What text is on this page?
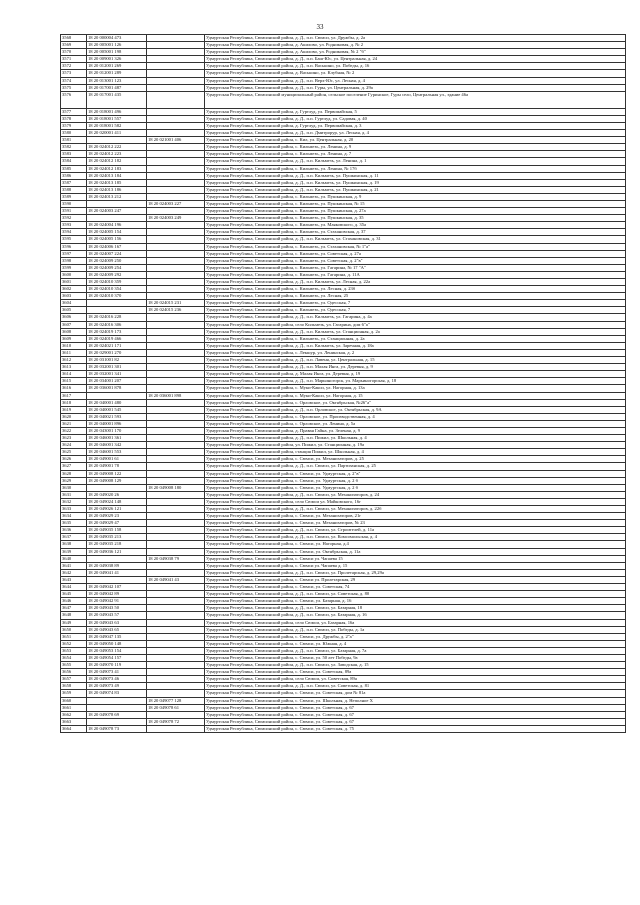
33
3568	18 20 000004 473		Удмуртская Республика, Сюмсинский район, д. Д., п.п. Сюмси, ул. Дружбы, д. 2а
3569	18 20 005001 126		Удмуртская Республика, Сюмсинский район, д. Акилово, ул. Родниковая, д. № 2
3570	18 20 005001 198		Удмуртская Республика, Сюмсинский район, д. Акилово, ул. Родниковая, № 2 "б"
3571	18 20 009001 326		Удмуртская Республика, Сюмсинский район, д. Д., п.п. Баш-Юс, ул. Центральная, д. 24
3572	18 20 012001 269		Удмуртская Республика, Сюмсинский район, д. Д., п.п. Васькино, ул. Победы, д. 16
3573	18 20 012001 289		Удмуртская Республика, Сюмсинский район, д. Васькино, ул. Клубная, № 2
3574	18 20 013001 123		Удмуртская Республика, Сюмсинский район, д. Д., п.п. Верх-Юс, ул. Лесная, д. 4
3575	18 20 017001 487		Удмуртская Республика, Сюмсинский район, д. Д., п.п. Гуры, ул. Центральная, д. 29а
3576	18 20 017001 435		Удмуртская Республика, Сюмсинский муниципальный район, сельское поселение Гуринское, Гуры село, Центральная ул., здание 46а
3577	18 20 018001 496		Удмуртская Республика, Сюмсинский район, д. Гуртлуд, ул. Первомайская, 5
3578	18 20 018001 557		Удмуртская Республика, Сюмсинский район, д. Д., п.п. Гуртлуд, ул. Садовая, д. 40
3579	18 20 018001 582		Удмуртская Республика, Сюмсинский район, д. Гуртлуд, ул. Первомайская, д. 3
3580	18 20 020001 411		Удмуртская Республика, Сюмсинский район, д. Д., п.п. Дмитрорур, ул. Лесная, д. 4
3581		18 20 021001 406	Удмуртская Республика, Сюмсинский район, с. Кил, ул. Центральная, д. 20
3582	18 20 024012 222		Удмуртская Республика, Сюмсинский район, с. Кильмезь, ул. Ленина, д. 9
3583	18 20 024012 223		Удмуртская Республика, Сюмсинский район, с. Кильмезь, ул. Ленина, д. 7
3584	18 20 024012 182		Удмуртская Республика, Сюмсинский район, д. Д., п.п. Кильмезь, ул. Ленина, д. 1
3585	18 20 024012 183		Удмуртская Республика, Сюмсинский район, с. Кильмезь, ул. Ленина, № 17б
3586	18 20 024013 184		Удмуртская Республика, Сюмсинский район, д. Д., п.п. Кильмезь, ул. Пушкинская, д. 11
3587	18 20 024013 185		Удмуртская Республика, Сюмсинский район, д. Д., п.п. Кильмезь, ул. Пушкинская, д. 19
3588	18 20 024013 186		Удмуртская Республика, Сюмсинский район, д. Д., п.п. Кильмезь, ул. Пушкинская, д. 21
3589	18 20 024013 212		Удмуртская Республика, Сюмсинский район, с. Кильмезь, ул. Пушкинская, д. 9
3590		18 20 024003 227	Удмуртская Республика, Сюмсинский район, с. Кильмезь, ул. Пушкинская, № 15
3591	18 20 024003 247		Удмуртская Республика, Сюмсинский район, с. Кильмезь, ул. Пушкинская, д. 27а
3592		18 20 024003 249	Удмуртская Республика, Сюмсинский район, с. Кильмезь, ул. Пушкинская, д. 35
3593	18 20 024004 196		Удмуртская Республика, Сюмсинский район, с. Кильмезь, ул. Маяковского, д. 35а
3594	18 20 024005 154		Удмуртская Республика, Сюмсинский район, с. Кильмезь, ул. Стахановская, д. 37
3595	18 20 024005 156		Удмуртская Республика, Сюмсинский район, д. Д., п.п. Кильмезь, ул. Стахановская, д. 31
3596	18 20 024006 167		Удмуртская Республика, Сюмсинский район, с. Кильмезь, ул. Стахановская, № 1"а"
3597	18 20 024007 224		Удмуртская Республика, Сюмсинский район, с. Кильмезь, ул. Советская, д. 27а
3598	18 20 024009 250		Удмуртская Республика, Сюмсинский район, с. Кильмезь, ул. Советская, д. 2"в"
3599	18 20 024009 254		Удмуртская Республика, Сюмсинский район, с. Кильмезь, ул. Гагарина, № 17 "А"
3600	18 20 024009 292		Удмуртская Республика, Сюмсинский район, с. Кильмезь, ул. Гагарина, д. 11А
3601	18 20 024010 359		Удмуртская Республика, Сюмсинский район, д. Д., п.п. Кильмезь, ул. Лесная, д. 22а
3602	18 20 024010 354		Удмуртская Республика, Сюмсинский район, с. Кильмезь, ул. Лесная, д. 23б
3603	18 20 024010 370		Удмуртская Республика, Сюмсинский район, с. Кильмезь, ул. Лесная, 25
3604		18 20 024015 231	Удмуртская Республика, Сюмсинский район, с. Кильмезь, ул. Одесская, 7
3605		18 20 024015 236	Удмуртская Республика, Сюмсинский район, с. Кильмезь, ул. Одесская, 7
3606	18 20 024016 228		Удмуртская Республика, Сюмсинский район, д. Д., п.п. Кильмезь, ул. Гагарина, д. 4а
3607	18 20 024016 306		Удмуртская Республика, Сюмсинский район, село Кильмезь, ул. Гагарина, дом 6"а"
3608	18 20 024019 173		Удмуртская Республика, Сюмсинский район, д. Д., п.п. Кильмезь, ул. Станционная, д. 2а
3609	18 20 024019 466		Удмуртская Республика, Сюмсинский район, с. Кильмезь, ул. Станционная, д. 2а
3610	18 20 024021 171		Удмуртская Республика, Сюмсинский район, д. Д., п.п. Кильмезь, ул. Заречная, д. 18а
3611	18 20 029001 270		Удмуртская Республика, Сюмсинский район, с. Лекшур, ул. Ленинская, д. 2
3612	18 20 031001 82		Удмуртская Республика, Сюмсинский район, д. Д., п.п. Лавеня, ул. Центральная, д. 15
3613	18 20 032001 301		Удмуртская Республика, Сюмсинский район, д. Д., п.п. Малая Инга, ул. Деревня, д. 9
3614	18 20 032001 341		Удмуртская Республика, Сюмсинский район, д. Малая Инга, ул. Деревня, д. 19
3615	18 20 034001 207		Удмуртская Республика, Сюмсинский район, д. Д., п.п. Марьиногорск, ул. Марьиногорская, д. 18
3616	18 20 036001 878		Удмуртская Республика, Сюмсинский район, с. Муки-Какси, ул. Нагорная, д. 13а
3617		18 20 036001 898	Удмуртская Республика, Сюмсинский район, с. Муки-Какси, ул. Нагорная, д. 15
3618	18 20 040001 480		Удмуртская Республика, Сюмсинский район, с. Орловское, ул. Октябрьская, №26"а"
3619	18 20 040001 545		Удмуртская Республика, Сюмсинский район, д. Д., п.п. Орловское, ул. Октябрьская, д. 9А
3620	18 20 040021 593		Удмуртская Республика, Сюмсинский район, с. Орловское, ул. Производственная, д. 4
3621	18 20 040001 896		Удмуртская Республика, Сюмсинский район, с. Орловское, ул. Ленина, д. 5а
3622	18 20 043001 170		Удмуртская Республика, Сюмсинский район, д. Правая Гайна, ул. Зеленая, д. 9
3623	18 20 046001 361		Удмуртская Республика, Сюмсинский район, д. Д., п.п. Пижил, ул. Школьная, д. 4
3624	18 20 046001 342		Удмуртская Республика, Сюмсинский район, ул. Пижил, ул. Станционная, д. 19а
3625	18 20 046001 553		Удмуртская Республика, Сюмсинский район, станция Пижил, ул. Школьная, д. 4
3626	18 20 049001 61		Удмуртская Республика, Сюмсинский район, с. Сюмси, ул. Механизаторов, д. 25
3627	18 20 049001 78		Удмуртская Республика, Сюмсинский район, д. Д., п.п. Сюмси, ул. Партизанская, д. 25
3628	18 20 049008 122		Удмуртская Республика, Сюмсинский район, с. Сюмси, ул. Удмуртская, д. 2"в"
3629	18 20 049008 129		Удмуртская Республика, Сюмсинский район, с. Сюмси, ул. Удмуртская, д. 2 б
3630		18 20 049008 180	Удмуртская Республика, Сюмсинский район, с. Сюмси, ул. Удмуртская, д. 2 б
3631	18 20 049020 26		Удмуртская Республика, Сюмсинский район, д. Д., п.п. Сюмси, ул. Механизаторов, д. 24
3632	18 20 049024 148		Удмуртская Республика, Сюмсинский район, село Сюмси ул. Майковского, 16г
3633	18 20 049026 121		Удмуртская Республика, Сюмсинский район, д. Д., п.п. Сюмси, ул. Механизаторов, д. 22б
3634	18 20 049029 23		Удмуртская Республика, Сюмсинский район, с. Сюмси, ул. Механизаторов, 21г
3635	18 20 049029 47		Удмуртская Республика, Сюмсинский район, с. Сюмси, ул. Механизаторов, № 23
3636	18 20 049035 158		Удмуртская Республика, Сюмсинский район, д. Д., п.п. Сюмси, ул. Строителей, д. 11а
3637	18 20 049035 213		Удмуртская Республика, Сюмсинский район, д. Д., п.п. Сюмси, ул. Комсомольская, д. 4
3638	18 20 049035 218		Удмуртская Республика, Сюмсинский район, с. Сюмси, ул. Нагорная, д.4
3639	18 20 049036 121		Удмуртская Республика, Сюмсинский район, с. Сюмси, ул. Октябрьская, д. 11а
3640		18 20 049038 79	Удмуртская Республика, Сюмсинский район, с. Сюмси ул. Чапаева 15
3641	18 20 049038 89		Удмуртская Республика, Сюмсинский район, с. Сюмси ул. Чапаева д. 15
3642	18 20 049041 41		Удмуртская Республика, Сюмсинский район, д. Д., п.п. Сюмси, ул. Пролетарская, д. 29,29а
3643		18 20 049041 43	Удмуртская Республика, Сюмсинский район, с. Сюмси ул. Пролетарская, 29
3644	18 20 049042 107		Удмуртская Республика, Сюмсинский район, с. Сюмси, ул. Советская, 74
3645	18 20 049042 89		Удмуртская Республика, Сюмсинский район, д. Д., п.п. Сюмси, ул. Советская, д. 80
3646	18 20 049042 91		Удмуртская Республика, Сюмсинский район, с. Сюмси, ул. Базарная, д. 16
3647	18 20 049043 50		Удмуртская Республика, Сюмсинский район, д. Д., п.п. Сюмси, ул. Базарная, 18
3648	18 20 049043 57		Удмуртская Республика, Сюмсинский район, д. Д., п.п. Сюмси, ул. Базарная, д. 16
3649	18 20 049043 63		Удмуртская Республика, Сюмсинский район, село Сюмси, ул. Базарная, 16а
3650	18 20 049043 65		Удмуртская Республика, Сюмсинский район, д. Д., п.п. Сюмси, ул. Победы, д. 1а
3651	18 20 049047 135		Удмуртская Республика, Сюмсинский район, с. Сюмси, ул. Дружбы, д. 2"а"
3652	18 20 049050 148		Удмуртская Республика, Сюмсинский район, с. Сюмси, ул. Южная, д. 4
3653	18 20 049053 154		Удмуртская Республика, Сюмсинский район, д. Д., п.п. Сюмси, ул. Базарная, д. 7а
3654	18 20 049054 157		Удмуртская Республика, Сюмсинский район, с. Сюмси, ул. 50 лет Победы, 9а
3655	18 20 049070 119		Удмуртская Республика, Сюмсинский район, д. Д., п.п. Сюмси, ул. Заводская, д. 15
3656	18 20 049073 41		Удмуртская Республика, Сюмсинский район, с. Сюмси, ул. Советская, 89а
3657	18 20 049073 46		Удмуртская Республика, Сюмсинский район, село Сюмси, ул. Советская, 89а
3658	18 20 049073 49		Удмуртская Республика, Сюмсинский район, д. Д., п.п. Сюмси, ул. Советская, д. 81
3659	18 20 049074 83		Удмуртская Республика, Сюмсинский район, с. Сюмси, ул. Советская, дом № 81а
3660		18 20 049077 128	Удмуртская Республика, Сюмсинский район, с. Сюмси, ул. Школьная, д. Неполное Х
3661		18 20 049078 61	Удмуртская Республика, Сюмсинский район, с. Сюмси, ул. Советская, д. 67
3662	18 20 049078 69		Удмуртская Республика, Сюмсинский район, с. Сюмси, ул. Советская, д. 67
3663		18 20 049078 72	Удмуртская Республика, Сюмсинский район, с. Сюмси, ул. Советская, д. 67
3664	18 20 049078 73		Удмуртская Республика, Сюмсинский район, с. Сюмси, ул. Советская, д. 75
